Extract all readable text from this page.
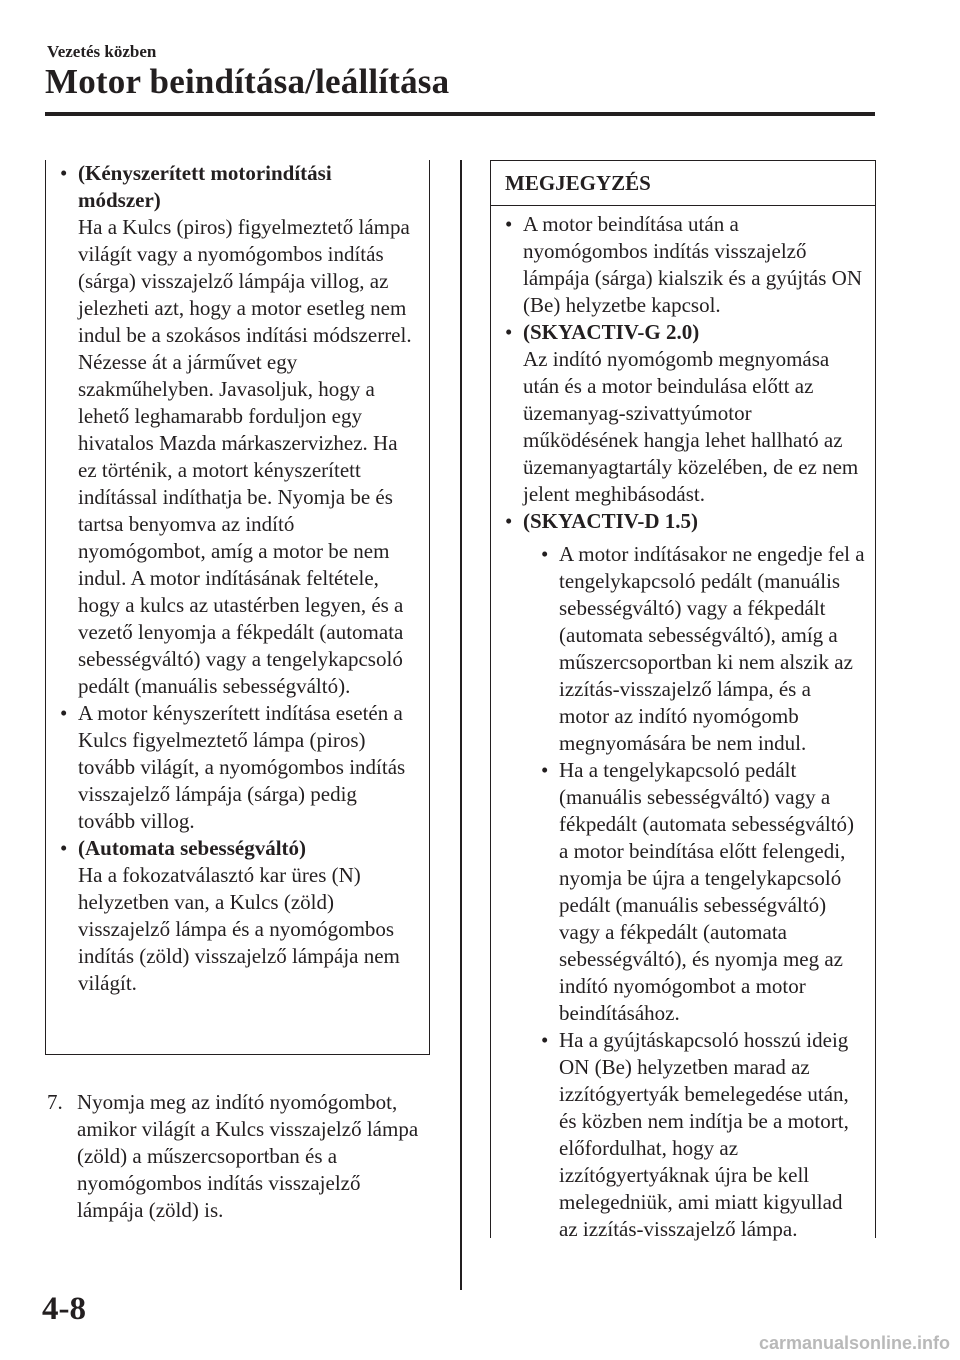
Vezetés közben
Motor beindítása/leállítása
• (Kényszerített motorindítási módszer)

Ha a Kulcs (piros) figyelmeztető lámpa világít vagy a nyomógombos indítás (sárga) visszajelző lámpája villog, az jelezheti azt, hogy a motor esetleg nem indul be a szokásos indítási módszerrel. Nézesse át a járművet egy szakműhelyben. Javasoljuk, hogy a lehető leghamarabb forduljon egy hivatalos Mazda márkaszervizhez. Ha ez történik, a motort kényszerített indítással indíthatja be. Nyomja be és tartsa benyomva az indító nyomógombot, amíg a motor be nem indul. A motor indításának feltétele, hogy a kulcs az utastérben legyen, és a vezető lenyomja a fékpedált (automata sebességváltó) vagy a tengelykapcsoló pedált (manuális sebességváltó).

• A motor kényszerített indítása esetén a Kulcs figyelmeztető lámpa (piros) tovább világít, a nyomógombos indítás visszajelző lámpája (sárga) pedig tovább villog.

• (Automata sebességváltó)

Ha a fokozatválasztó kar üres (N) helyzetben van, a Kulcs (zöld) visszajelző lámpa és a nyomógombos indítás (zöld) visszajelző lámpája nem világít.

7. Nyomja meg az indító nyomógombot, amikor világít a Kulcs visszajelző lámpa (zöld) a műszercsoportban és a nyomógombos indítás visszajelző lámpája (zöld) is.
MEGJEGYZÉS
• A motor beindítása után a nyomógombos indítás visszajelző lámpája (sárga) kialszik és a gyújtás ON (Be) helyzetbe kapcsol.

• (SKYACTIV-G 2.0)

Az indító nyomógomb megnyomása után és a motor beindulása előtt az üzemanyag-szivattyúmotor működésének hangja lehet hallható az üzemanyagtartály közelében, de ez nem jelent meghibásodást.

• (SKYACTIV-D 1.5)

• A motor indításakor ne engedje fel a tengelykapcsoló pedált (manuális sebességváltó) vagy a fékpedált (automata sebességváltó), amíg a műszercsoportban ki nem alszik az izzítás-visszajelző lámpa, és a motor az indító nyomógomb megnyomására be nem indul.

• Ha a tengelykapcsoló pedált (manuális sebességváltó) vagy a fékpedált (automata sebességváltó) a motor beindítása előtt felengedi, nyomja be újra a tengelykapcsoló pedált (manuális sebességváltó) vagy a fékpedált (automata sebességváltó), és nyomja meg az indító nyomógombot a motor beindításához.

• Ha a gyújtáskapcsoló hosszú ideig ON (Be) helyzetben marad az izzítógyertyák bemelegedése után, és közben nem indítja be a motort, előfordulhat, hogy az izzítógyertyáknak újra be kell melegedniük, ami miatt kigyullad az izzítás-visszajelző lámpa.

4-8
carmanualsonline.info
